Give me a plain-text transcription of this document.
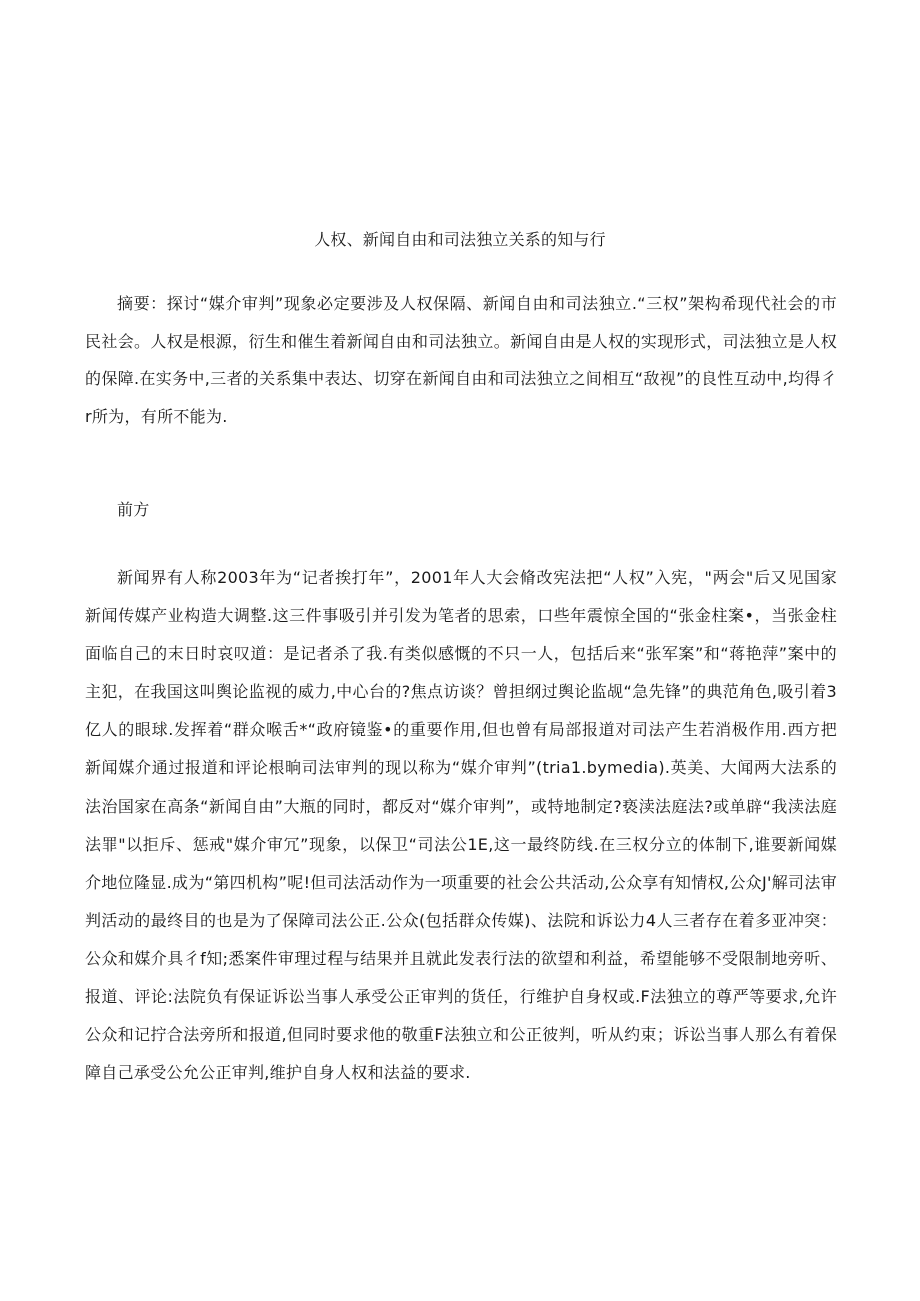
人权、新闻自由和司法独立关系的知与行

摘要：探讨“媒介审判”现象必定要涉及人权保隔、新闻自由和司法独立.“三权”架构希现代社会的市民社会。人权是根源，衍生和催生着新闻自由和司法独立。新闻自由是人权的实现形式，司法独立是人权的保障.在实务中,三者的关系集中表达、切穿在新闻自由和司法独立之间相互“敌视”的良性互动中,均得彳r所为，有所不能为.

前方

新闻界有人称2003年为“记者挨打年”，2001年人大会脩改宪法把“人权”入宪，"两会"后又见国家新闻传媒产业构造大调整.这三件事吸引并引发为笔者的思索，口些年震惊全国的“张金柱案•，当张金柱面临自己的末日时哀叹道：是记者杀了我.有类似感慨的不只一人，包括后来“张军案”和“蒋艳萍”案中的主犯，在我国这叫舆论监视的威力,中心台的?焦点访谈？曾担纲过舆论监觇“急先锋”的典范角色,吸引着3亿人的眼球.发挥着“群众喉舌*“政府镜鉴•的重要作用,但也曾有局部报道对司法产生若消极作用.西方把新闻媒介通过报道和评论根晌司法审判的现以称为“媒介审判”(tria1.bymedia).英美、大闻两大法系的法治国家在高条“新闻自由”大瓶的同时，都反对“媒介审判”，或特地制定?亵渎法庭法?或单辟“我渎法庭法罪"以拒斥、惩戒"媒介审冗”现象，以保卫“司法公1E,这一最终防线.在三权分立的体制下,谁要新闻媒介地位隆显.成为“第四机构”呢!但司法活动作为一项重要的社会公共活动,公众享有知情权,公众J'解司法审判活动的最终目的也是为了保障司法公正.公众(包括群众传媒)、法院和诉讼力4人三者存在着多亚冲突：公众和媒介具彳f知;悉案件审理过程与结果并且就此发表行法的欲望和利益，希望能够不受限制地旁听、报道、评论:法院负有保证诉讼当事人承受公正审判的货任，行维护自身权或.F法独立的尊严等要求,允许公众和记拧合法旁所和报道,但同时要求他的敬重F法独立和公正彼判，听从约束；诉讼当事人那么有着保障自己承受公允公正审判,维护自身人权和法益的要求.
